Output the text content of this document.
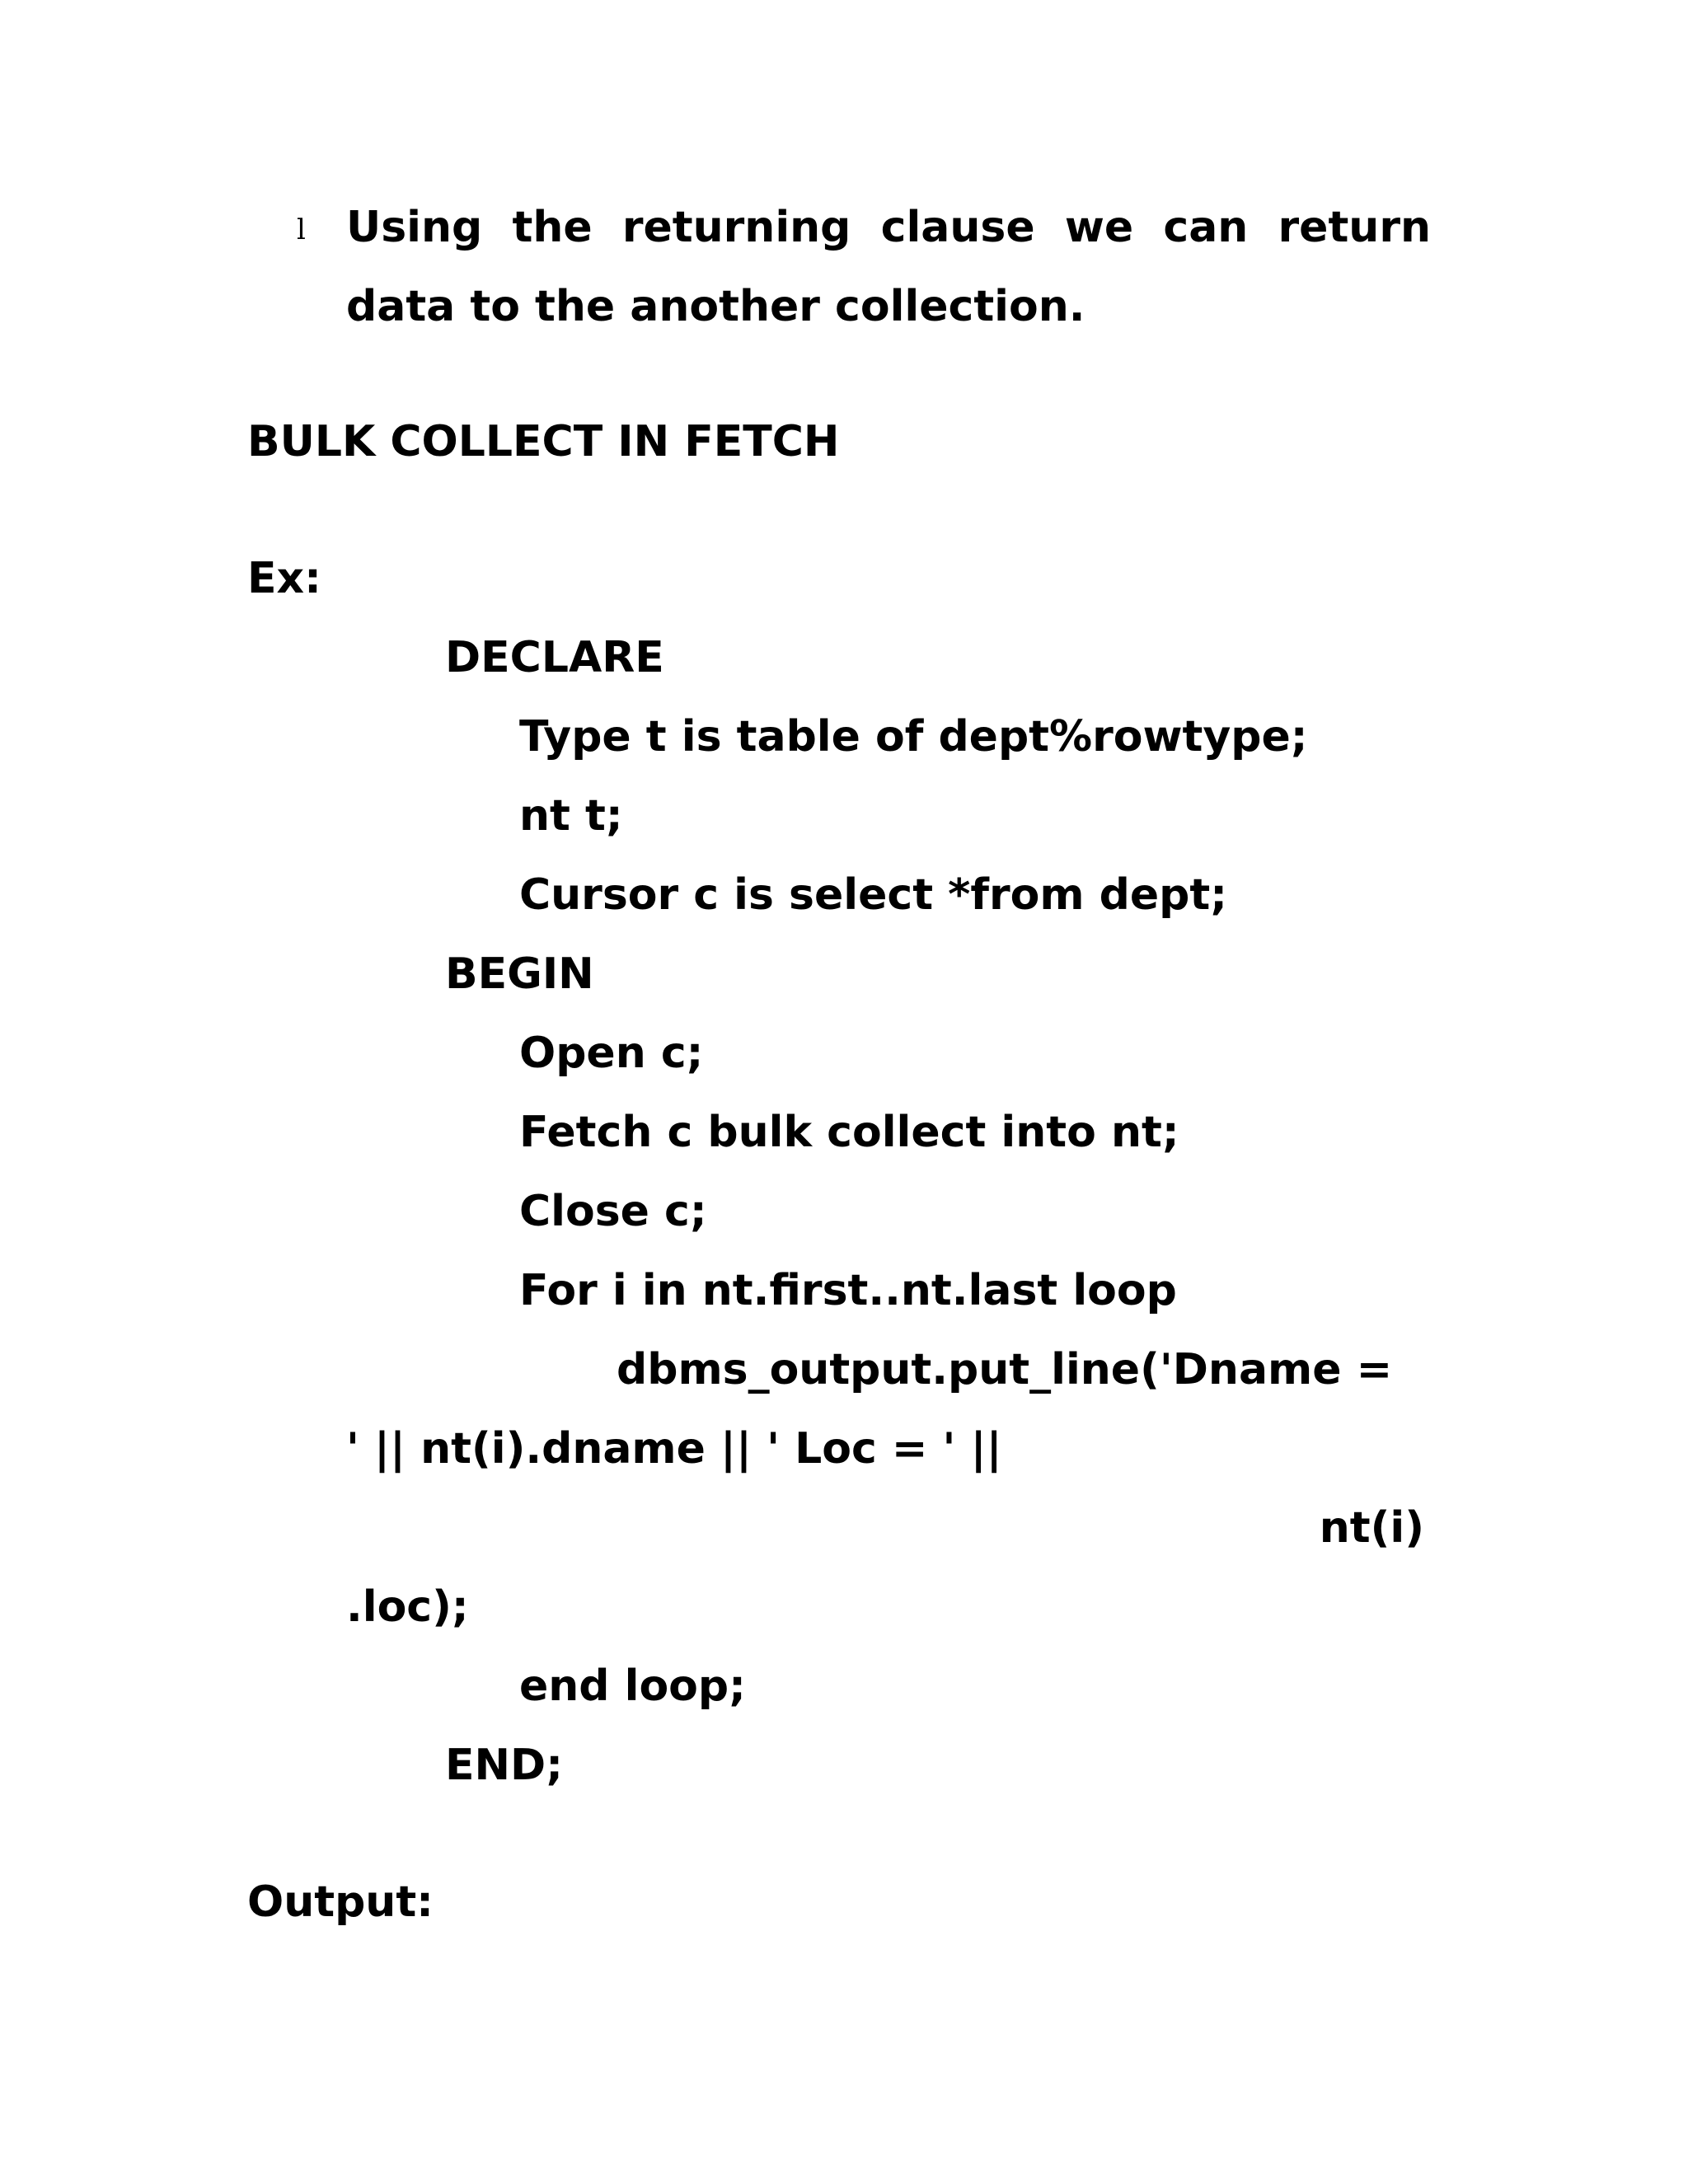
l Using the returning clause we can return
data to the another collection.
BULK COLLECT IN FETCH
Ex:
DECLARE
Type t is table of dept%rowtype;
nt t;
Cursor c is select *from dept;
BEGIN
Open c;
Fetch c bulk collect into nt;
Close c;
For i in nt.first..nt.last loop
dbms_output.put_line('Dname =
' || nt(i).dname || ' Loc = ' ||
nt(i)
.loc);
end loop;
END;
Output:
